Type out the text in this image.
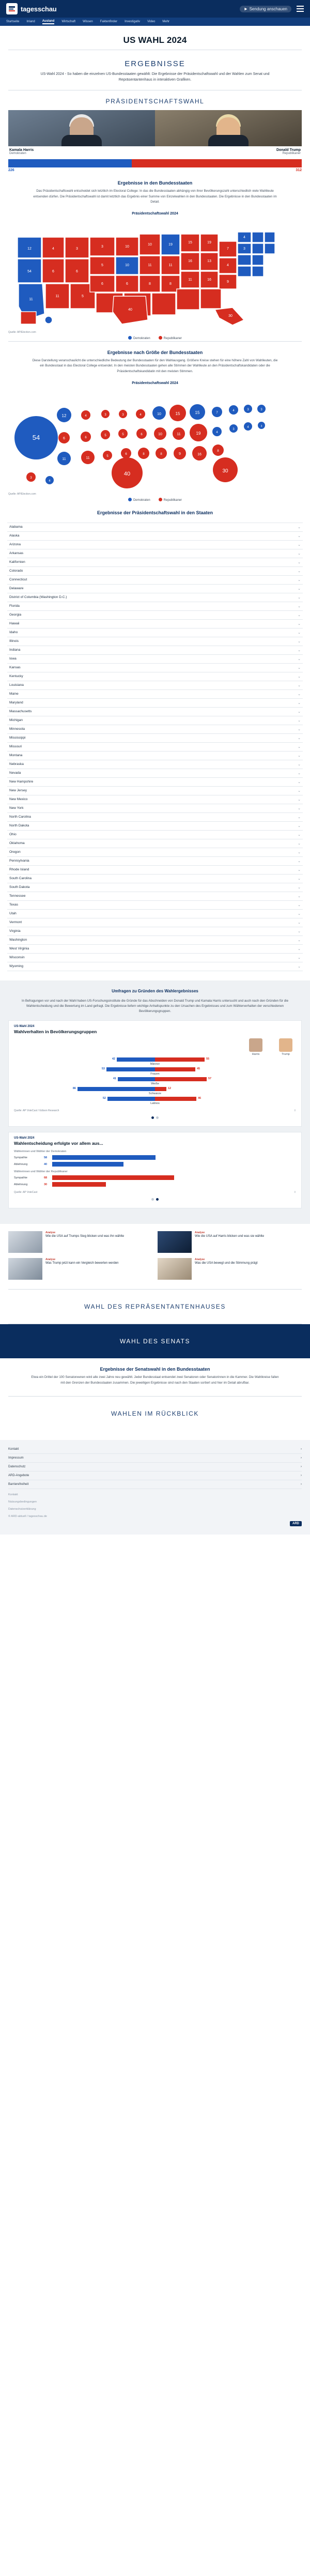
tagesschau	Sendung anschauen
Startseite Inland Ausland Wirtschaft Wissen Faktenfinder Investigativ Video Mehr
US WAHL 2024
ERGEBNISSE
US-Wahl 2024 - So haben die einzelnen US-Bundesstaaten gewählt: Die Ergebnisse der Präsidentschaftswahl und der Wahlen zum Senat und Repräsentantenhaus in interaktiven Grafiken.
PRÄSIDENTSCHAFTSWAHL
Kamala Harris
Demokraten
Donald Trump
Republikaner
226	312
Ergebnisse in den Bundesstaaten
Das Präsidentschaftswahl entscheidet sich letztlich im Electoral College: In das die Bundesstaaten abhängig von ihrer Bevölkerungszahl unterschiedlich viele Wahlleute entsenden dürfen. Die Präsidentschaftswahl ist damit letztlich das Ergebnis einer Summe von Einzelwahlen in den Bundesstaaten. Die Ergebnisse in den Bundesstaaten im Detail.
Präsidentschaftswahl 2024
12
54
11
4
6
11
3
6
5
3
5
6
10
10
6
10
11
8
19
11
8
15
16
11
19
13
16
7
4
9
4
3
30
40
Quelle: AP/Election.com
Demokraten	Republikaner
Ergebnisse nach Größe der Bundesstaaten
Diese Darstellung veranschaulicht die unterschiedliche Bedeutung der Bundesstaaten für den Wahlausgang. Größere Kreise stehen für eine höhere Zahl von Wahlleuten, die ein Bundesstaat in das Electoral College entsendet. In den meisten Bundesstaaten gehen alle Stimmen der Wahlleute an den Präsidentschaftskandidaten oder die Präsidentschaftskandidatin mit den meisten Stimmen.
Präsidentschaftswahl 2024
54
12
6
11
4
6
11
3
5
5
3
5
6
40
4
6
8
10
10
8
15
11
9
15
19
16
7
4
8
30
4
3
3
4
3
3
3
4
Quelle: AP/Election.com
Demokraten	Republikaner
Ergebnisse der Präsidentschaftswahl in den Staaten
Alabama	⌄
Alaska	⌄
Arizona	⌄
Arkansas	⌄
Kalifornien	⌄
Colorado	⌄
Connecticut	⌄
Delaware	⌄
District of Columbia (Washington D.C.)	⌄
Florida	⌄
Georgia	⌄
Hawaii	⌄
Idaho	⌄
Illinois	⌄
Indiana	⌄
Iowa	⌄
Kansas	⌄
Kentucky	⌄
Louisiana	⌄
Maine	⌄
Maryland	⌄
Massachusetts	⌄
Michigan	⌄
Minnesota	⌄
Mississippi	⌄
Missouri	⌄
Montana	⌄
Nebraska	⌄
Nevada	⌄
New Hampshire	⌄
New Jersey	⌄
New Mexico	⌄
New York	⌄
North Carolina	⌄
North Dakota	⌄
Ohio	⌄
Oklahoma	⌄
Oregon	⌄
Pennsylvania	⌄
Rhode Island	⌄
South Carolina	⌄
South Dakota	⌄
Tennessee	⌄
Texas	⌄
Utah	⌄
Vermont	⌄
Virginia	⌄
Washington	⌄
West Virginia	⌄
Wisconsin	⌄
Wyoming	⌄
Umfragen zu Gründen des Wahlergebnisses
In Befragungen vor und nach der Wahl haben US-Forschungsinstitute die Gründe für das Abschneiden von Donald Trump und Kamala Harris untersucht und auch nach den Gründen für die Wahlentscheidung und die Bewertung im Land gefragt. Die Ergebnisse liefern wichtige Anhaltspunkte zu den Ursachen des Ergebnisses und zum Wählerverhalten der verschiedenen Bevölkerungsgruppen.
US-Wahl 2024
Wahlverhalten in Bevölkerungsgruppen
Harris	Trump
42	55
Männer
53	45
Frauen
41	57
Weiße
86	12
Schwarze
52	46
Latinos
Quelle: AP VoteCast / Edison Research	⇪
US-Wahl 2024
Wahlentscheidung erfolgte vor allem aus...
Wählerinnen und Wähler der Demokraten
Sympathie	58
Ablehnung	40
Wählerinnen und Wähler der Republikaner
Sympathie	68
Ablehnung	30
Quelle: AP VoteCast	⇪
Analyse
Wie die USA auf Trumps Sieg blicken und was ihn wählte
Analyse
Wie die USA auf Harris blicken und was sie wählte
Analyse
Was Trump jetzt kann ein Vergleich bewerten werden
Analyse
Was die USA bewegt und die Stimmung prägt
WAHL DES REPRÄSENTANTENHAUSES
WAHL DES SENATS
Ergebnisse der Senatswahl in den Bundesstaaten
Etwa ein Drittel der 100 Senatorинnen wird alle zwei Jahre neu gewählt. Jeder Bundesstaat entsendet zwei Senatoren oder Senatorinnen in die Kammer. Die Wahlkreise fallen mit den Grenzen der Bundesstaaten zusammen. Die jeweiligen Ergebnisse sind nach den Staaten sortiert und hier im Detail abrufbar.
WAHLEN IM RÜCKBLICK
Kontakt	›
Impressum	›
Datenschutz	›
ARD-Angebote	›
Barrierefreiheit	›
Kontakt
Nutzungsbedingungen
Datenschutzerklärung
© ARD-aktuell / tagesschau.de
ARD
